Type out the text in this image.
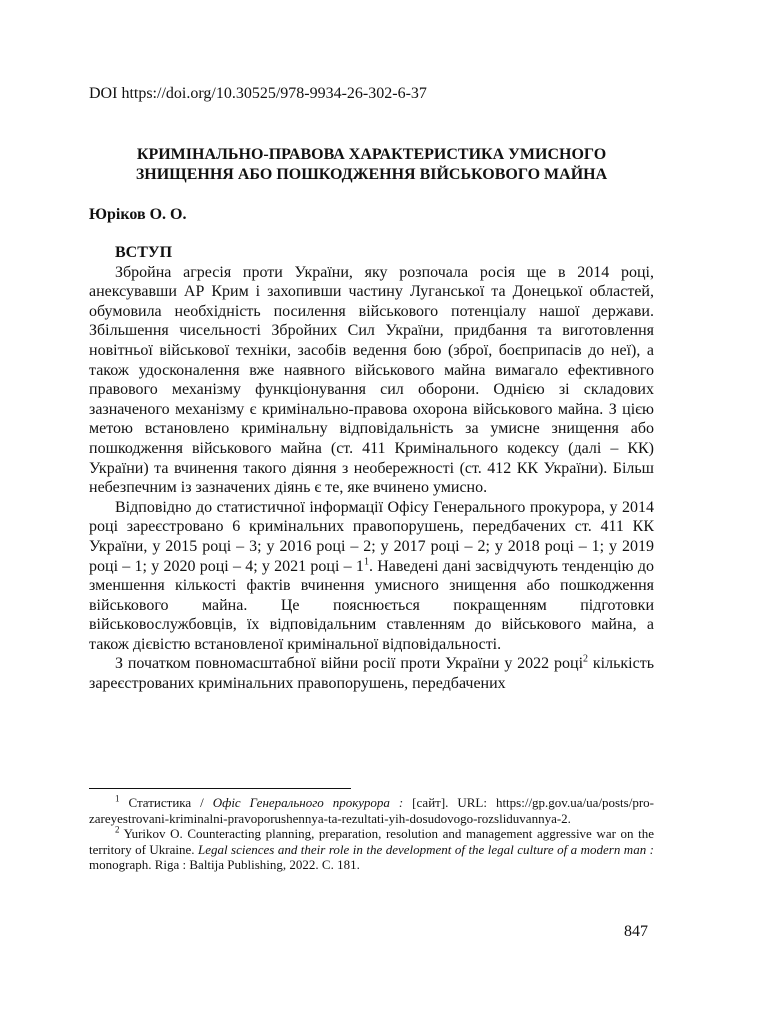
DOI https://doi.org/10.30525/978-9934-26-302-6-37
КРИМІНАЛЬНО-ПРАВОВА ХАРАКТЕРИСТИКА УМИСНОГО
ЗНИЩЕННЯ АБО ПОШКОДЖЕННЯ ВІЙСЬКОВОГО МАЙНА
Юріков О. О.

ВСТУП

Збройна агресія проти України, яку розпочала росія ще в 2014 році, анексувавши АР Крим і захопивши частину Луганської та Донецької областей, обумовила необхідність посилення військового потенціалу нашої держави. Збільшення чисельності Збройних Сил України, придбання та виготовлення новітньої військової техніки, засобів ведення бою (зброї, боєприпасів до неї), а також удосконалення вже наявного військового майна вимагало ефективного правового механізму функціонування сил оборони. Однією зі складових зазначеного механізму є кримінально-правова охорона військового майна. З цією метою встановлено кримінальну відповідальність за умисне знищення або пошкодження військового майна (ст. 411 Кримінального кодексу (далі – КК) України) та вчинення такого діяння з необережності (ст. 412 КК України). Більш небезпечним із зазначених діянь є те, яке вчинено умисно.

Відповідно до статистичної інформації Офісу Генерального прокурора, у 2014 році зареєстровано 6 кримінальних правопорушень, передбачених ст. 411 КК України, у 2015 році – 3; у 2016 році – 2; у 2017 році – 2; у 2018 році – 1; у 2019 році – 1; у 2020 році – 4; у 2021 році – $1^1$. Наведені дані засвідчують тенденцію до зменшення кількості фактів вчинення умисного знищення або пошкодження військового майна. Це пояснюється покращенням підготовки військовослужбовців, їх відповідальним ставленням до військового майна, а також дієвістю встановленої кримінальної відповідальності.

З початком повномасштабної війни росії проти України у 2022 році$^2$ кількість зареєстрованих кримінальних правопорушень, передбачених

$^1$ Статистика / Офіс Генерального прокурора : [сайт]. URL: https://gp.gov.ua/ua/posts/pro-zareyestrovani-kriminalni-pravoporushennya-ta-rezultati-yih-dosudovogo-rozsliduvannya-2.

$^2$ Yurikov O. Counteracting planning, preparation, resolution and management aggressive war on the territory of Ukraine. Legal sciences and their role in the development of the legal culture of a modern man : monograph. Riga : Baltija Publishing, 2022. С. 181.

847
